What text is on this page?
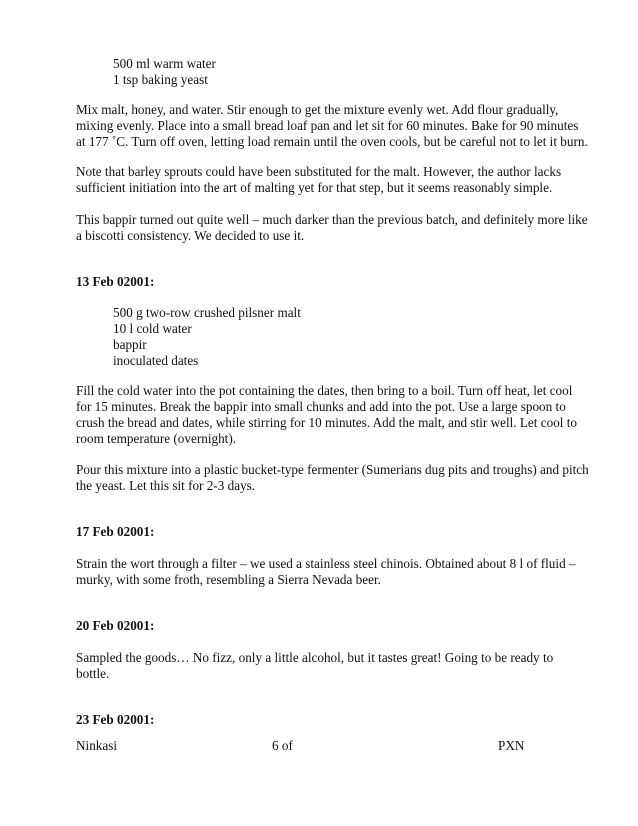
500 ml warm water
1 tsp baking yeast
Mix malt, honey, and water. Stir enough to get the mixture evenly wet. Add flour gradually,
mixing evenly. Place into a small bread loaf pan and let sit for 60 minutes. Bake for 90 minutes
at 177 ˚C. Turn off oven, letting load remain until the oven cools, but be careful not to let it burn.
Note that barley sprouts could have been substituted for the malt. However, the author lacks
sufficient initiation into the art of malting yet for that step, but it seems reasonably simple.
This bappir turned out quite well – much darker than the previous batch, and definitely more like
a biscotti consistency. We decided to use it.
13 Feb 02001:
500 g two-row crushed pilsner malt
10 l cold water
bappir
inoculated dates
Fill the cold water into the pot containing the dates, then bring to a boil. Turn off heat, let cool
for 15 minutes. Break the bappir into small chunks and add into the pot. Use a large spoon to
crush the bread and dates, while stirring for 10 minutes. Add the malt, and stir well. Let cool to
room temperature (overnight).
Pour this mixture into a plastic bucket-type fermenter (Sumerians dug pits and troughs) and pitch
the yeast. Let this sit for 2-3 days.
17 Feb 02001:
Strain the wort through a filter – we used a stainless steel chinois. Obtained about 8 l of fluid –
murky, with some froth, resembling a Sierra Nevada beer.
20 Feb 02001:
Sampled the goods… No fizz, only a little alcohol, but it tastes great! Going to be ready to
bottle.
23 Feb 02001:
Ninkasi	6 of	PXN
